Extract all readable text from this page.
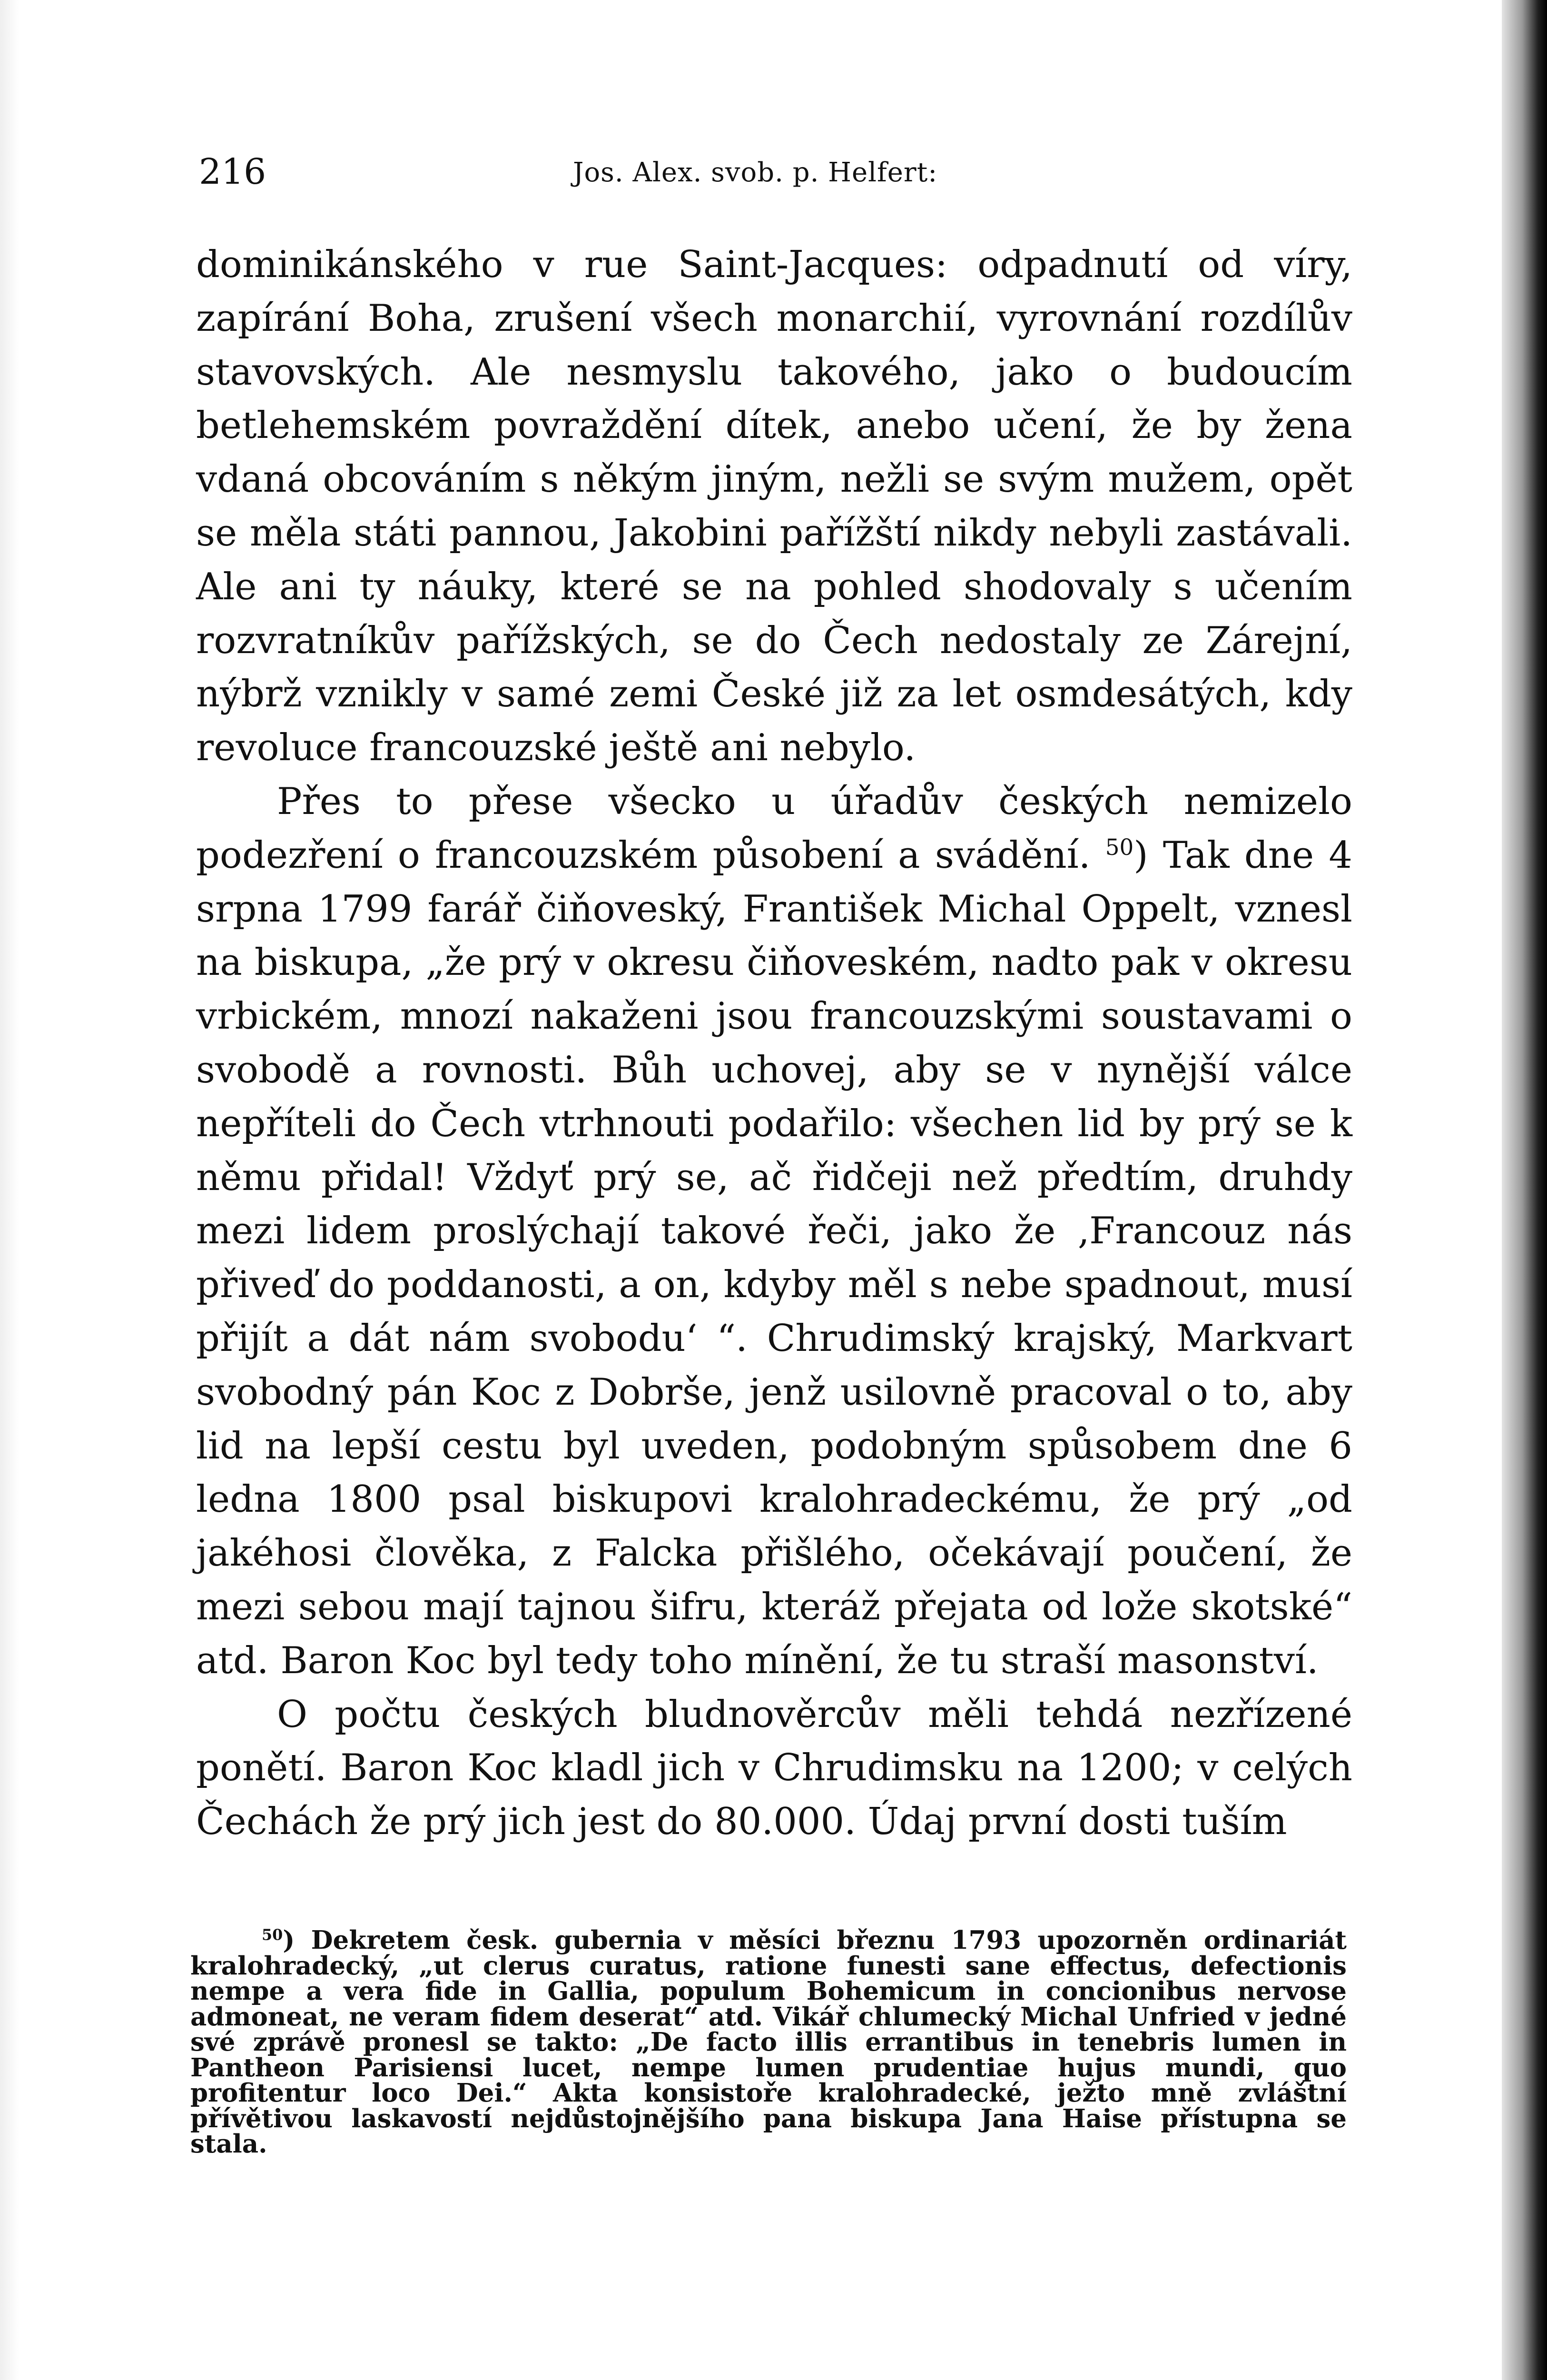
216	Jos. Alex. svob. p. Helfert:

dominikánského v rue Saint-Jacques: odpadnutí od víry, zapírání Boha, zrušení všech monarchií, vyrovnání rozdílův stavovských. Ale nesmyslu takového, jako o budoucím betlehemském povraždění dítek, anebo učení, že by žena vdaná obcováním s někým jiným, nežli se svým mužem, opět se měla státi pannou, Jakobini pařížští nikdy nebyli zastávali. Ale ani ty náuky, které se na pohled shodovaly s učením rozvratníkův pařížských, se do Čech nedostaly ze Zárejní, nýbrž vznikly v samé zemi České již za let osmdesátých, kdy revoluce francouzské ještě ani nebylo.

Přes to přese všecko u úřadův českých nemizelo podezření o francouzském působení a svádění. $^{50}$) Tak dne 4 srpna 1799 farář čiňoveský, František Michal Oppelt, vznesl na biskupa, „že prý v okresu čiňoveském, nadto pak v okresu vrbickém, mnozí nakaženi jsou francouzskými soustavami o svobodě a rovnosti. Bůh uchovej, aby se v nynější válce nepříteli do Čech vtrhnouti podařilo: všechen lid by prý se k němu přidal! Vždyť prý se, ač řidčeji než předtím, druhdy mezi lidem proslýchají takové řeči, jako že ‚Francouz nás přiveď do poddanosti, a on, kdyby měl s nebe spadnout, musí přijít a dát nám svobodu‘ “. Chrudimský krajský, Markvart svobodný pán Koc z Dobrše, jenž usilovně pracoval o to, aby lid na lepší cestu byl uveden, podobným spůsobem dne 6 ledna 1800 psal biskupovi kralohradeckému, že prý „od jakéhosi člověka, z Falcka přišlého, očekávají poučení, že mezi sebou mají tajnou šifru, kteráž přejata od lože skotské“ atd. Baron Koc byl tedy toho mínění, že tu straší masonství.

O počtu českých bludnověrcův měli tehdá nezřízené ponětí. Baron Koc kladl jich v Chrudimsku na 1200; v celých Čechách že prý jich jest do 80.000. Údaj první dosti tuším

$^{50}$) Dekretem česk. gubernia v měsíci březnu 1793 upozorněn ordinariát kralohradecký, „ut clerus curatus, ratione funesti sane effectus, defectionis nempe a vera fide in Gallia, populum Bohemicum in concionibus nervose admoneat, ne veram fidem deserat“ atd. Vikář chlumecký Michal Unfried v jedné své zprávě pronesl se takto: „De facto illis errantibus in tenebris lumen in Pantheon Parisiensi lucet, nempe lumen prudentiae hujus mundi, quo profitentur loco Dei.“ Akta konsistoře kralohradecké, ježto mně zvláštní přívětivou laskavostí nejdůstojnějšího pana biskupa Jana Haise přístupna se stala.
